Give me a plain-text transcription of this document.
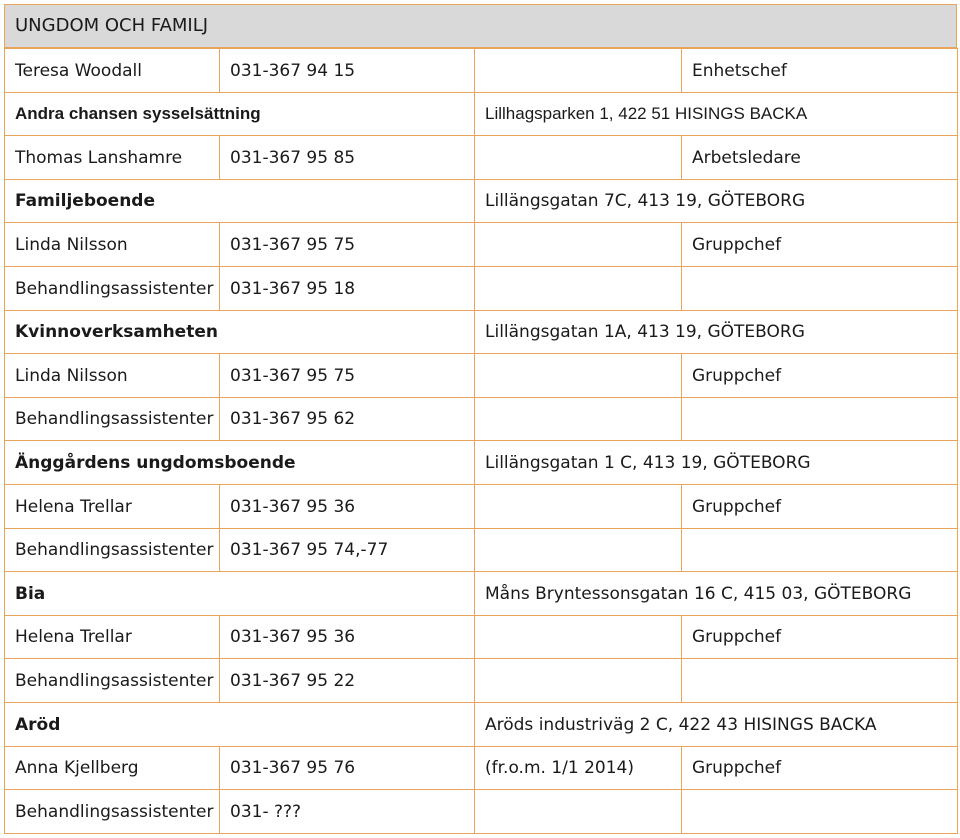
UNGDOM OCH FAMILJ
Teresa Woodall	031-367 94 15	Enhetschef
Andra chansen sysselsättning	Lillhagsparken 1, 422 51 HISINGS BACKA
Thomas Lanshamre	031-367 95 85	Arbetsledare
Familjeboende	Lillängsgatan 7C, 413 19, GÖTEBORG
Linda Nilsson	031-367 95 75	Gruppchef
Behandlingsassistenter 031-367 95 18
Kvinnoverksamheten	Lillängsgatan 1A, 413 19, GÖTEBORG
Linda Nilsson	031-367 95 75	Gruppchef
Behandlingsassistenter 031-367 95 62
Änggårdens ungdomsboende	Lillängsgatan 1 C, 413 19, GÖTEBORG
Helena Trellar	031-367 95 36	Gruppchef
Behandlingsassistenter 031-367 95 74,-77
Bia	Måns Bryntessonsgatan 16 C, 415 03, GÖTEBORG
Helena Trellar	031-367 95 36	Gruppchef
Behandlingsassistenter 031-367 95 22
Aröd	Aröds industriväg 2 C, 422 43 HISINGS BACKA
Anna Kjellberg	031-367 95 76	(fr.o.m. 1/1 2014)	Gruppchef
Behandlingsassistenter 031- ???
